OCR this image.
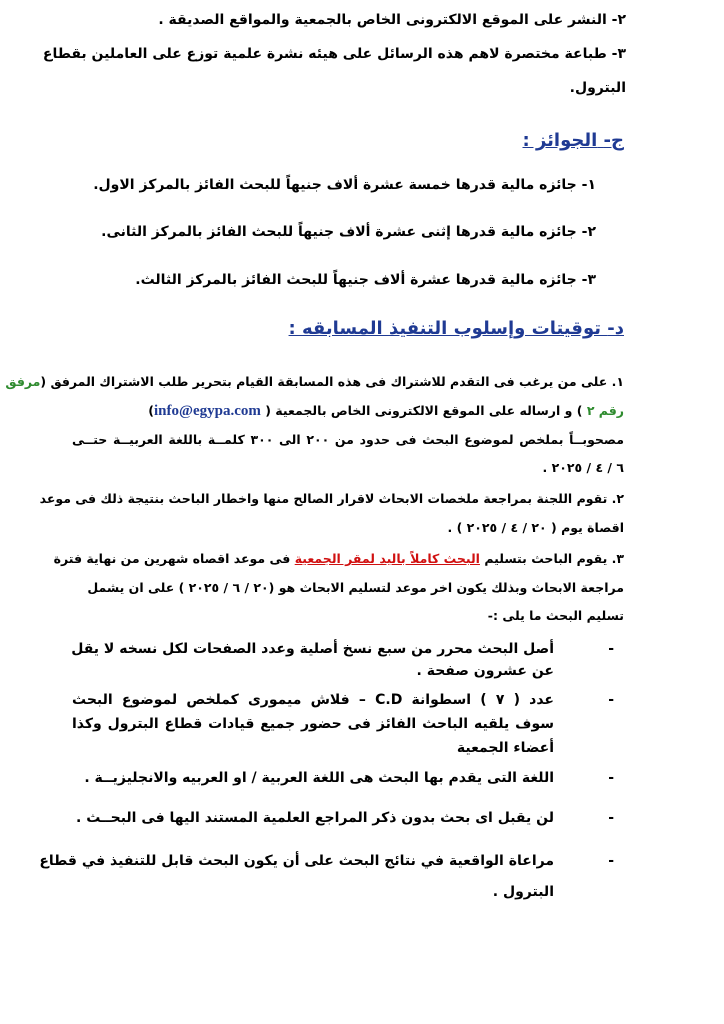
٢- النشر على الموقع الالكترونى الخاص بالجمعية والمواقع الصديقة .
٣- طباعة مختصرة لاهم هذه الرسائل على هيئه نشرة علمية توزع على العاملين بقطاع
البترول.
ج- الجوائز :
١- جائزه مالية قدرها خمسة عشرة ألاف جنيهاً للبحث الفائز بالمركز الاول.
٢- جائزه مالية قدرها إثنى عشرة ألاف جنيهاً للبحث الفائز بالمركز الثانى.
٣- جائزه مالية قدرها عشرة ألاف جنيهاً للبحث الفائز بالمركز الثالث.
د- توقيتات وإسلوب التنفيذ المسابقه :
١. على من يرغب فى التقدم للاشتراك فى هذه المسابقة القيام بتحرير طلب الاشتراك المرفق (مرفق
رقم ٢ ) و ارساله على الموقع الالكترونى الخاص بالجمعية ( info@egypa.com)
مصحوبــاً بملخص لموضوع البحث فى حدود من ٢٠٠ الى ٣٠٠ كلمــة باللغة العربيــة حتــى
٦ / ٤ / ٢٠٢٥ .
٢. تقوم اللجنة بمراجعة ملخصات الابحاث لاقرار الصالح منها واخطار الباحث بنتيجة ذلك فى موعد
اقصاة يوم ( ٢٠ / ٤ / ٢٠٢٥ ) .
٣. يقوم الباحث بتسليم البحث كاملاً باليد لمقر الجمعية فى موعد اقصاه شهرين من نهاية فترة
مراجعة الابحاث وبذلك يكون اخر موعد لتسليم الابحاث هو (٢٠ / ٦ / ٢٠٢٥ ) على ان يشمل
تسليم البحث ما يلى :-
-
أصل البحث محرر من سبع نسخ أصلية وعدد الصفحات لكل نسخه لا يقل
عن عشرون صفحة .
-
عدد ( ٧ ) اسطوانة C.D – فلاش ميمورى كملخص لموضوع البحث
سوف يلقيه الباحث الفائز فى حضور جميع قيادات قطاع البترول وكذا
أعضاء الجمعية
-
اللغة التى يقدم بها البحث هى اللغة العربية / او العربيه والانجليزيــة .
-
لن يقبل اى بحث بدون ذكر المراجع العلمية المستند اليها فى البحــث .
-
مراعاة الواقعية في نتائج البحث على أن يكون البحث قابل للتنفيذ في قطاع
البترول .
